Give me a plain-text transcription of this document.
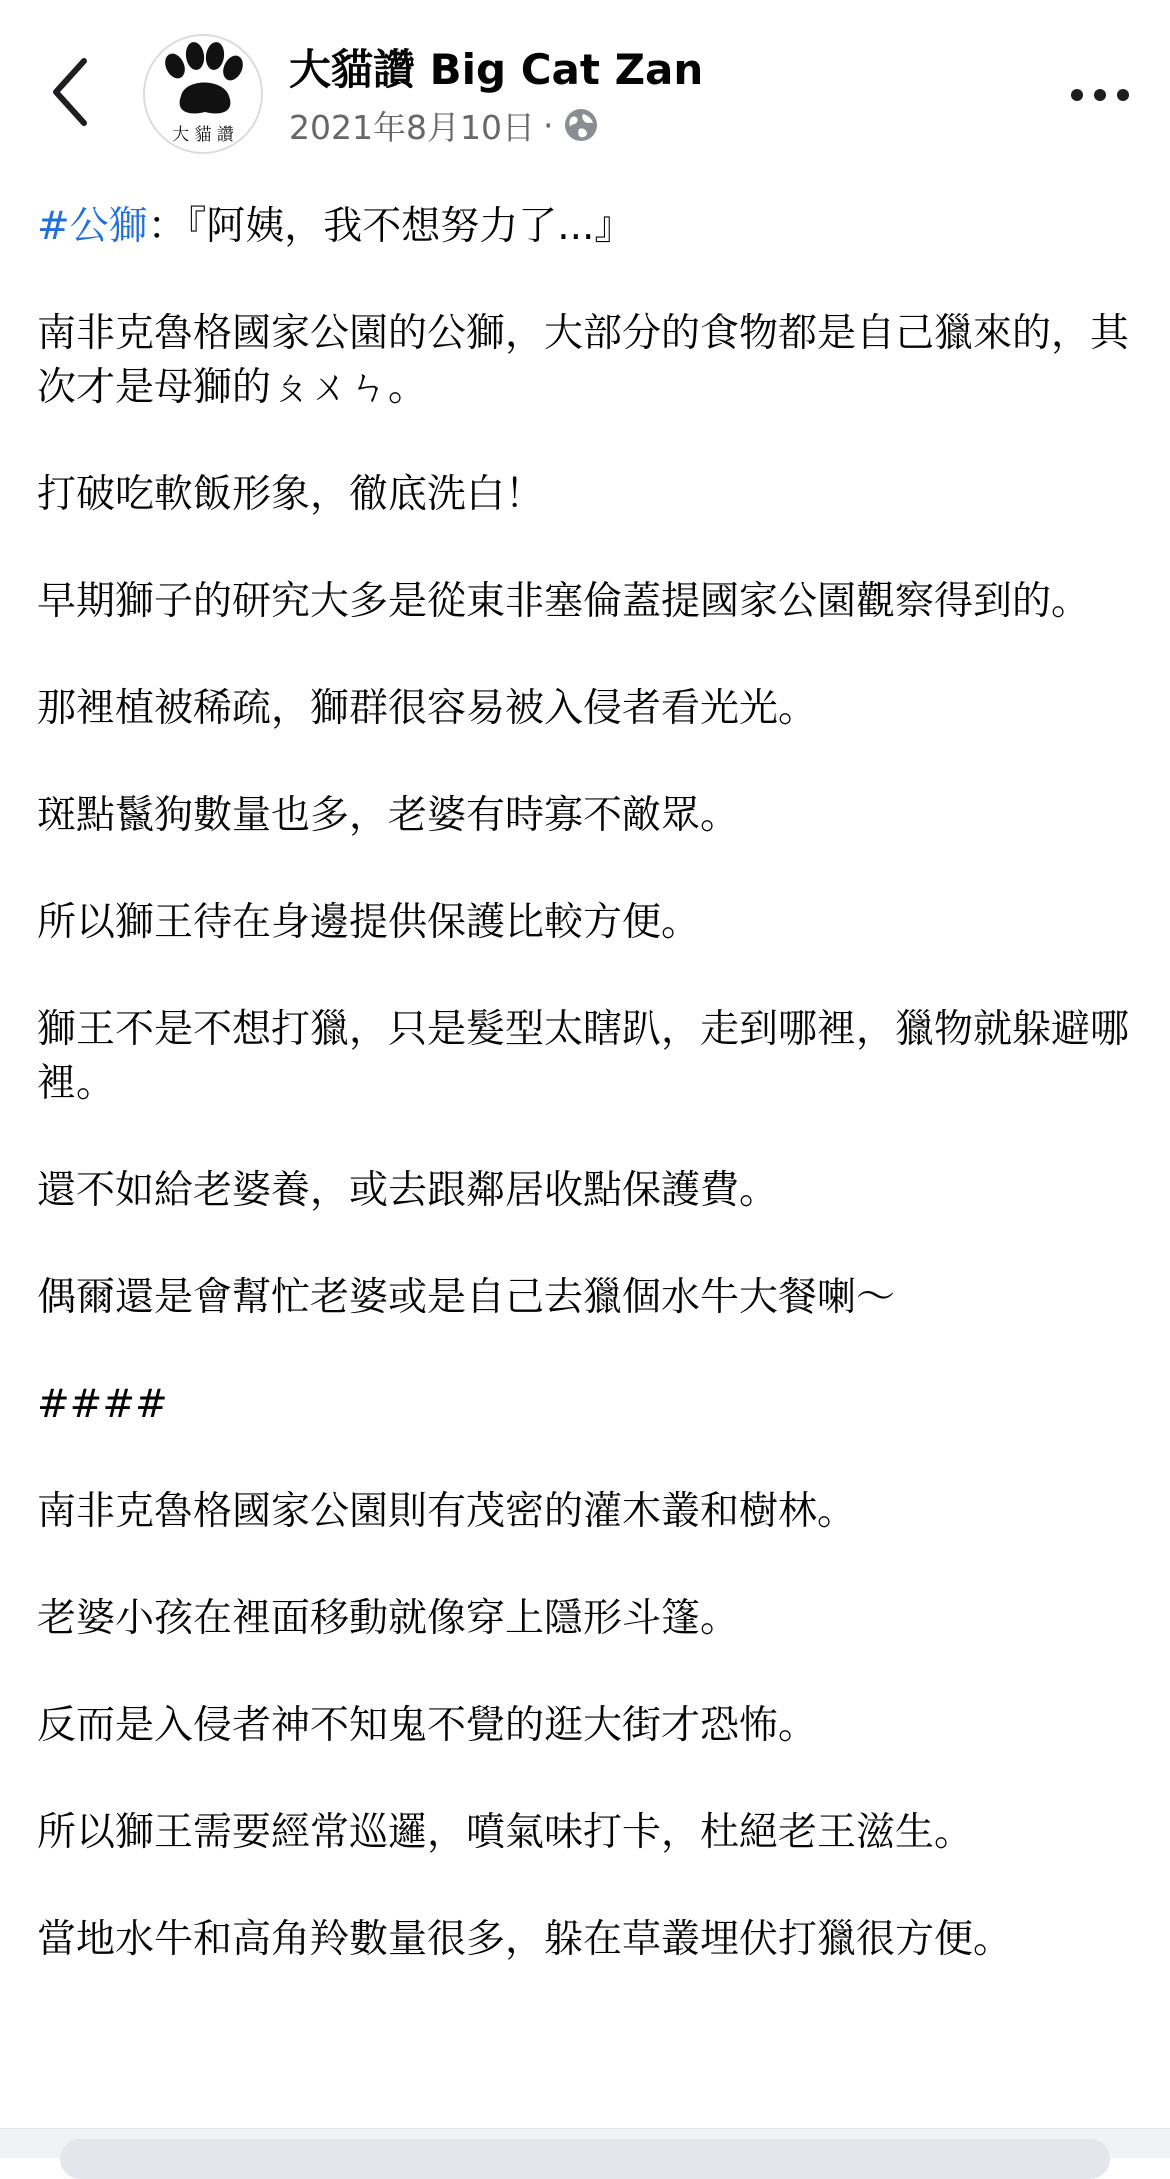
大 貓 讚
大貓讚 Big Cat Zan
2021年8月10日 ·
#公獅：『阿姨，我不想努力了...』
南非克魯格國家公園的公獅，大部分的食物都是自己獵來的，其次才是母獅的ㄆㄨㄣ。
打破吃軟飯形象，徹底洗白！
早期獅子的研究大多是從東非塞倫蓋提國家公園觀察得到的。
那裡植被稀疏，獅群很容易被入侵者看光光。
斑點鬣狗數量也多，老婆有時寡不敵眾。
所以獅王待在身邊提供保護比較方便。
獅王不是不想打獵，只是髮型太瞎趴，走到哪裡，獵物就躲避哪裡。
還不如給老婆養，或去跟鄰居收點保護費。
偶爾還是會幫忙老婆或是自己去獵個水牛大餐喇～
####
南非克魯格國家公園則有茂密的灌木叢和樹林。
老婆小孩在裡面移動就像穿上隱形斗篷。
反而是入侵者神不知鬼不覺的逛大街才恐怖。
所以獅王需要經常巡邏，噴氣味打卡，杜絕老王滋生。
當地水牛和高角羚數量很多，躲在草叢埋伏打獵很方便。
